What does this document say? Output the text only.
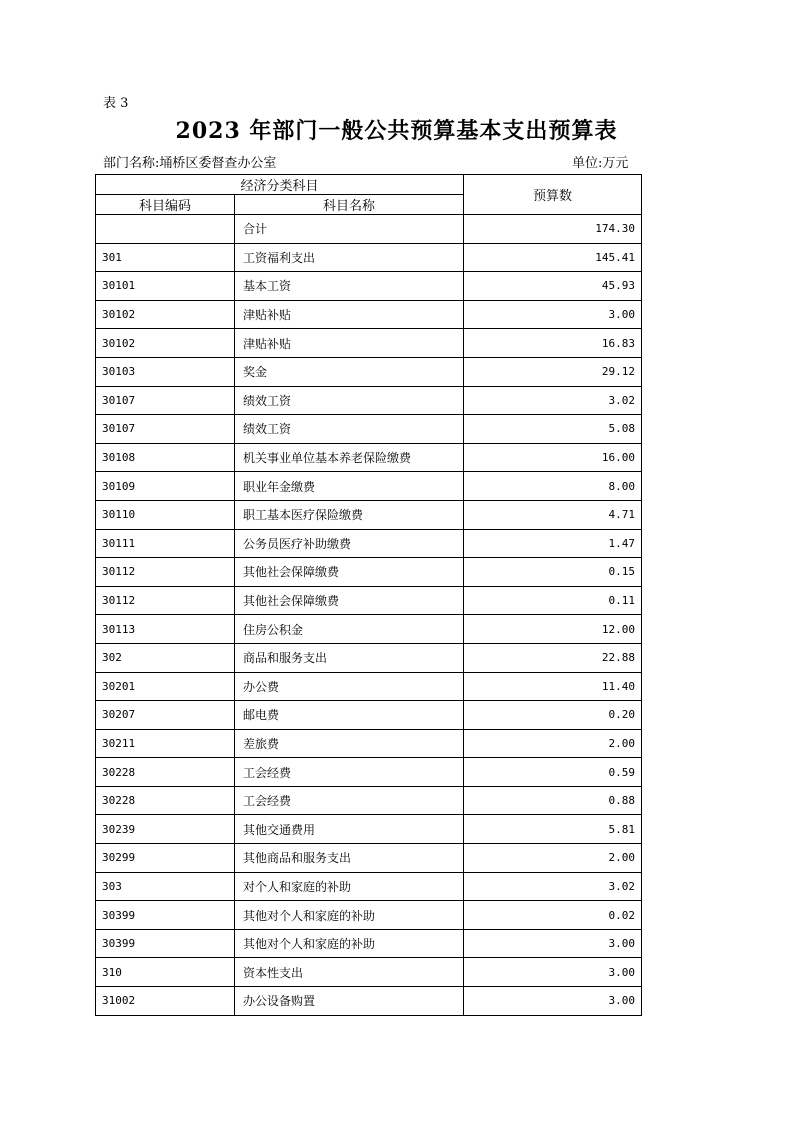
表 3
2023 年部门一般公共预算基本支出预算表
部门名称:埇桥区委督查办公室	单位:万元
经济分类科目		预算数
科目编码	科目名称	
	合计	174.30
301	工资福利支出	145.41
30101	基本工资	45.93
30102	津贴补贴	3.00
30102	津贴补贴	16.83
30103	奖金	29.12
30107	绩效工资	3.02
30107	绩效工资	5.08
30108	机关事业单位基本养老保险缴费	16.00
30109	职业年金缴费	8.00
30110	职工基本医疗保险缴费	4.71
30111	公务员医疗补助缴费	1.47
30112	其他社会保障缴费	0.15
30112	其他社会保障缴费	0.11
30113	住房公积金	12.00
302	商品和服务支出	22.88
30201	办公费	11.40
30207	邮电费	0.20
30211	差旅费	2.00
30228	工会经费	0.59
30228	工会经费	0.88
30239	其他交通费用	5.81
30299	其他商品和服务支出	2.00
303	对个人和家庭的补助	3.02
30399	其他对个人和家庭的补助	0.02
30399	其他对个人和家庭的补助	3.00
310	资本性支出	3.00
31002	办公设备购置	3.00
